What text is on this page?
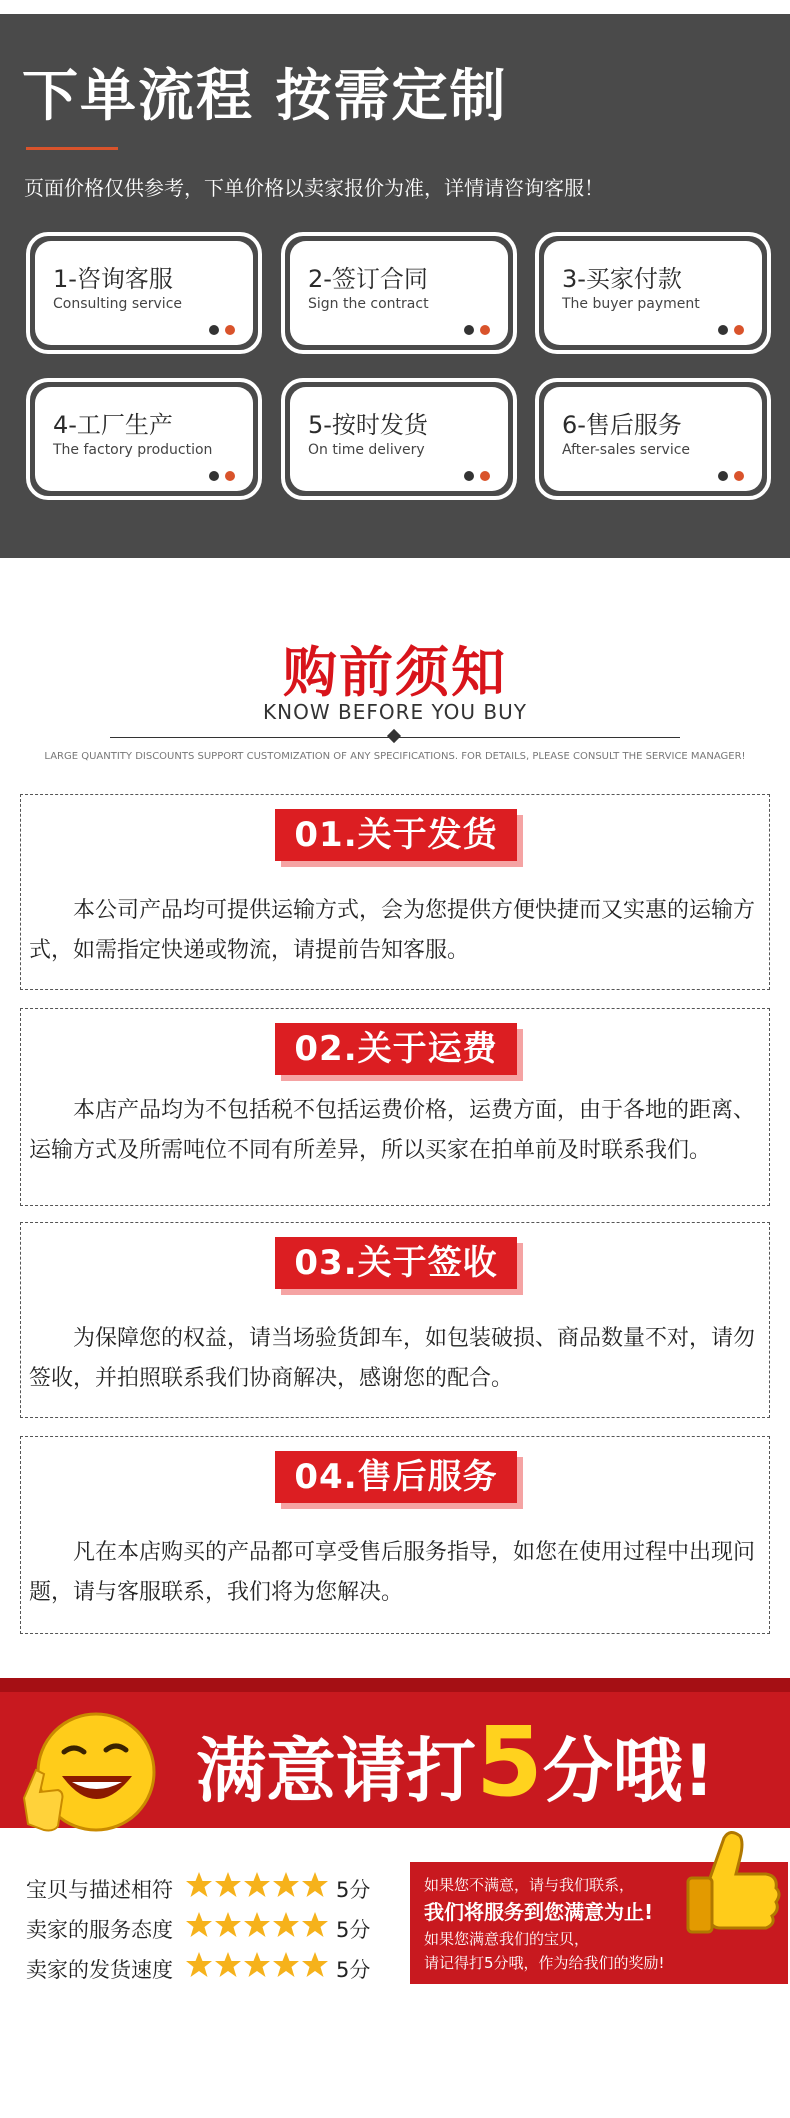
下单流程 按需定制
页面价格仅供参考，下单价格以卖家报价为准，详情请咨询客服！
1-咨询客服
Consulting service
2-签订合同
Sign the contract
3-买家付款
The buyer payment
4-工厂生产
The factory production
5-按时发货
On time delivery
6-售后服务
After-sales service
购前须知
KNOW BEFORE YOU BUY
LARGE QUANTITY DISCOUNTS SUPPORT CUSTOMIZATION OF ANY SPECIFICATIONS. FOR DETAILS, PLEASE CONSULT THE SERVICE MANAGER!
01.关于发货
本公司产品均可提供运输方式，会为您提供方便快捷而又实惠的运输方式，如需指定快递或物流，请提前告知客服。
02.关于运费
本店产品均为不包括税不包括运费价格，运费方面，由于各地的距离、运输方式及所需吨位不同有所差异，所以买家在拍单前及时联系我们。
03.关于签收
为保障您的权益，请当场验货卸车，如包装破损、商品数量不对，请勿签收，并拍照联系我们协商解决，感谢您的配合。
04.售后服务
凡在本店购买的产品都可享受售后服务指导，如您在使用过程中出现问题，请与客服联系，我们将为您解决。
满意请打5分哦!
宝贝与描述相符	5分
卖家的服务态度	5分
卖家的发货速度	5分
如果您不满意，请与我们联系，
我们将服务到您满意为止!
如果您满意我们的宝贝，
请记得打5分哦，作为给我们的奖励!
